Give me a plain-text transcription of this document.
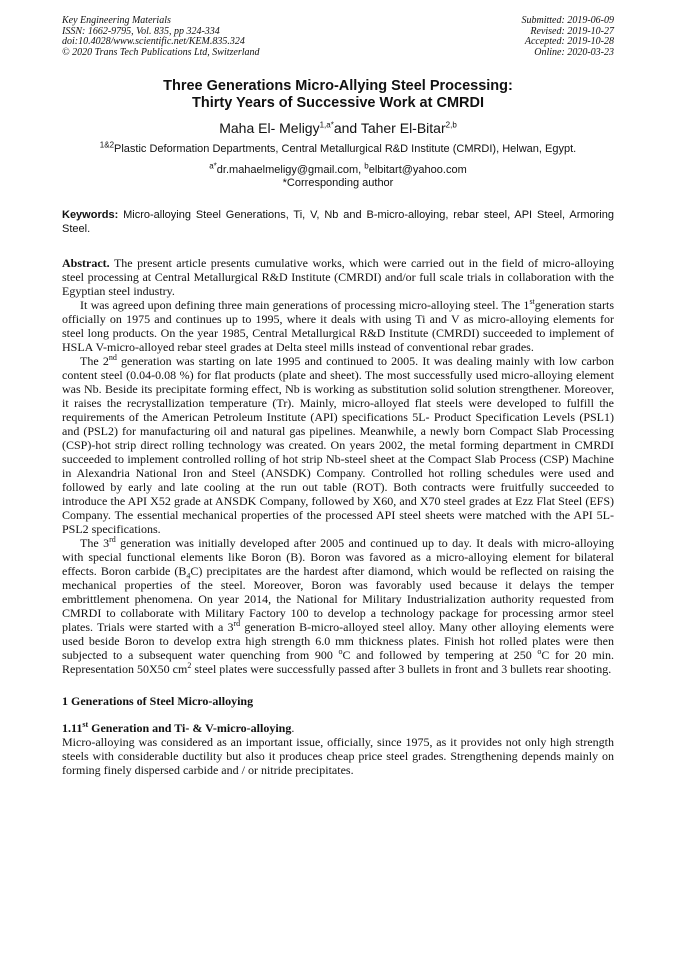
Key Engineering Materials
ISSN: 1662-9795, Vol. 835, pp 324-334
doi:10.4028/www.scientific.net/KEM.835.324
© 2020 Trans Tech Publications Ltd, Switzerland
Submitted: 2019-06-09
Revised: 2019-10-27
Accepted: 2019-10-28
Online: 2020-03-23
Three Generations Micro-Allying Steel Processing:
Thirty Years of Successive Work at CMRDI
Maha El- Meligy$^{1,a*}$and Taher El-Bitar$^{2,b}$
$^{1\&2}$Plastic Deformation Departments, Central Metallurgical R&D Institute (CMRDI), Helwan, Egypt.
$^{a*}$dr.mahaelmeligy@gmail.com, $^b$elbitart@yahoo.com
*Corresponding author
Keywords: Micro-alloying Steel Generations, Ti, V, Nb and B-micro-alloying, rebar steel, API Steel, Armoring Steel.

Abstract. The present article presents cumulative works, which were carried out in the field of micro-alloying steel processing at Central Metallurgical R&D Institute (CMRDI) and/or full scale trials in collaboration with the Egyptian steel industry.

It was agreed upon defining three main generations of processing micro-alloying steel. The 1stgeneration starts officially on 1975 and continues up to 1995, where it deals with using Ti and V as micro-alloying elements for steel long products. On the year 1985, Central Metallurgical R&D Institute (CMRDI) succeeded to implement of HSLA V-micro-alloyed rebar steel grades at Delta steel mills instead of conventional rebar grades.

The 2nd generation was starting on late 1995 and continued to 2005. It was dealing mainly with low carbon content steel (0.04-0.08 %) for flat products (plate and sheet). The most successfully used micro-alloying element was Nb. Beside its precipitate forming effect, Nb is working as substitution solid solution strengthener. Moreover, it raises the recrystallization temperature (Tr). Mainly, micro-alloyed flat steels were developed to fulfill the requirements of the American Petroleum Institute (API) specifications 5L- Product Specification Levels (PSL1) and (PSL2) for manufacturing oil and natural gas pipelines. Meanwhile, a newly born Compact Slab Processing (CSP)-hot strip direct rolling technology was created. On years 2002, the metal forming department in CMRDI succeeded to implement controlled rolling of hot strip Nb-steel sheet at the Compact Slab Process (CSP) Machine in Alexandria National Iron and Steel (ANSDK) Company. Controlled hot rolling schedules were used and followed by early and late cooling at the run out table (ROT). Both contracts were fruitfully succeeded to introduce the API X52 grade at ANSDK Company, followed by X60, and X70 steel grades at Ezz Flat Steel (EFS) Company. The essential mechanical properties of the processed API steel sheets were matched with the API 5L-PSL2 specifications.

The 3rd generation was initially developed after 2005 and continued up to day. It deals with micro-alloying with special functional elements like Boron (B). Boron was favored as a micro-alloying element for bilateral effects. Boron carbide $(B_4C)$ precipitates are the hardest after diamond, which would be reflected on raising the mechanical properties of the steel. Moreover, Boron was favorably used because it delays the temper embrittlement phenomena. On year 2014, the National for Military Industrialization authority requested from CMRDI to collaborate with Military Factory 100 to develop a technology package for processing armor steel plates. Trials were started with a 3rd generation B-micro-alloyed steel alloy. Many other alloying elements were used beside Boron to develop extra high strength 6.0 mm thickness plates. Finish hot rolled plates were then subjected to a subsequent water quenching from 900 $^o$C and followed by tempering at 250 $^o$C for 20 min. Representation 50X50 $cm^2$ steel plates were successfully passed after 3 bullets in front and 3 bullets rear shooting.

1 Generations of Steel Micro-alloying
1.11st Generation and Ti- & V-micro-alloying.

Micro-alloying was considered as an important issue, officially, since 1975, as it provides not only high strength steels with considerable ductility but also it produces cheap price steel grades. Strengthening depends mainly on forming finely dispersed carbide and / or nitride precipitates.
